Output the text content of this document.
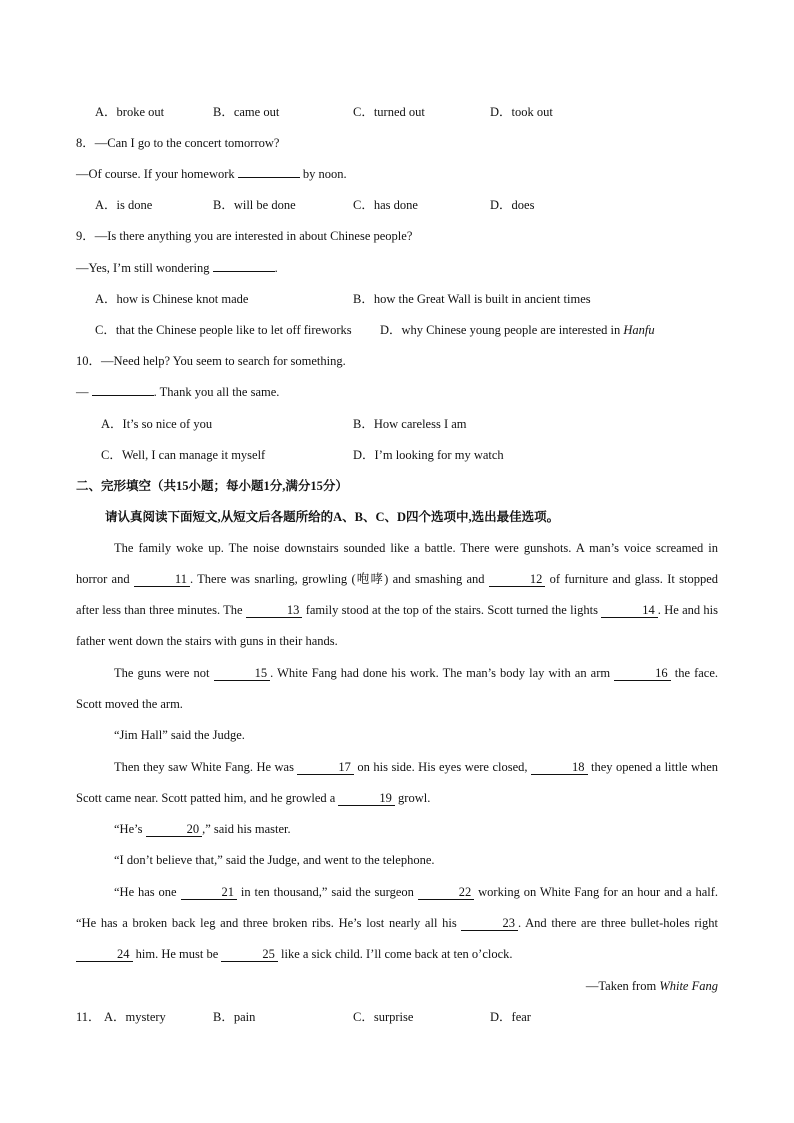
A．broke out	B．came out	C．turned out	D．took out
8．—Can I go to the concert tomorrow?
—Of course. If your homework	by noon.
A．is done	B．will be done	C．has done	D．does
9．—Is there anything you are interested in about Chinese people?
—Yes, I’m still wondering	.
A．how is Chinese knot made	B．how the Great Wall is built in ancient times
C．that the Chinese people like to let off fireworks D．why Chinese young people are interested in Hanfu
10．—Need help? You seem to search for something.
—	. Thank you all the same.
A．It’s so nice of you	B．How careless I am
C．Well, I can manage it myself	D．I’m looking for my watch
二、完形填空（共15小题；每小题1分,满分15分）
请认真阅读下面短文,从短文后各题所给的A、B、C、D四个选项中,选出最佳选项。
The family woke up. The noise downstairs sounded like a battle. There were gunshots. A man’s voice screamed in horror and	11 . There was snarling, growling (咆哮) and smashing and	12 of furniture and glass. It stopped after less than three minutes. The	13 family stood at the top of the stairs. Scott turned the lights	14 . He and his father went down the stairs with guns in their hands.
The guns were not	15 . White Fang had done his work. The man’s body lay with an arm	16 the face. Scott moved the arm.
“Jim Hall” said the Judge.
Then they saw White Fang. He was	17 on his side. His eyes were closed,	18 they opened a little when Scott came near. Scott patted him, and he growled a	19 growl.
“He’s	20 ,” said his master.
“I don’t believe that,” said the Judge, and went to the telephone.
“He has one	21 in ten thousand,” said the surgeon	22 working on White Fang for an hour and a half. “He has a broken back leg and three broken ribs. He’s lost nearly all his	23 . And there are three bullet-holes right 24 him. He must be	25 like a sick child. I’ll come back at ten o’clock.
—Taken from White Fang
11． A．mystery	B．pain	C．surprise	D．fear
